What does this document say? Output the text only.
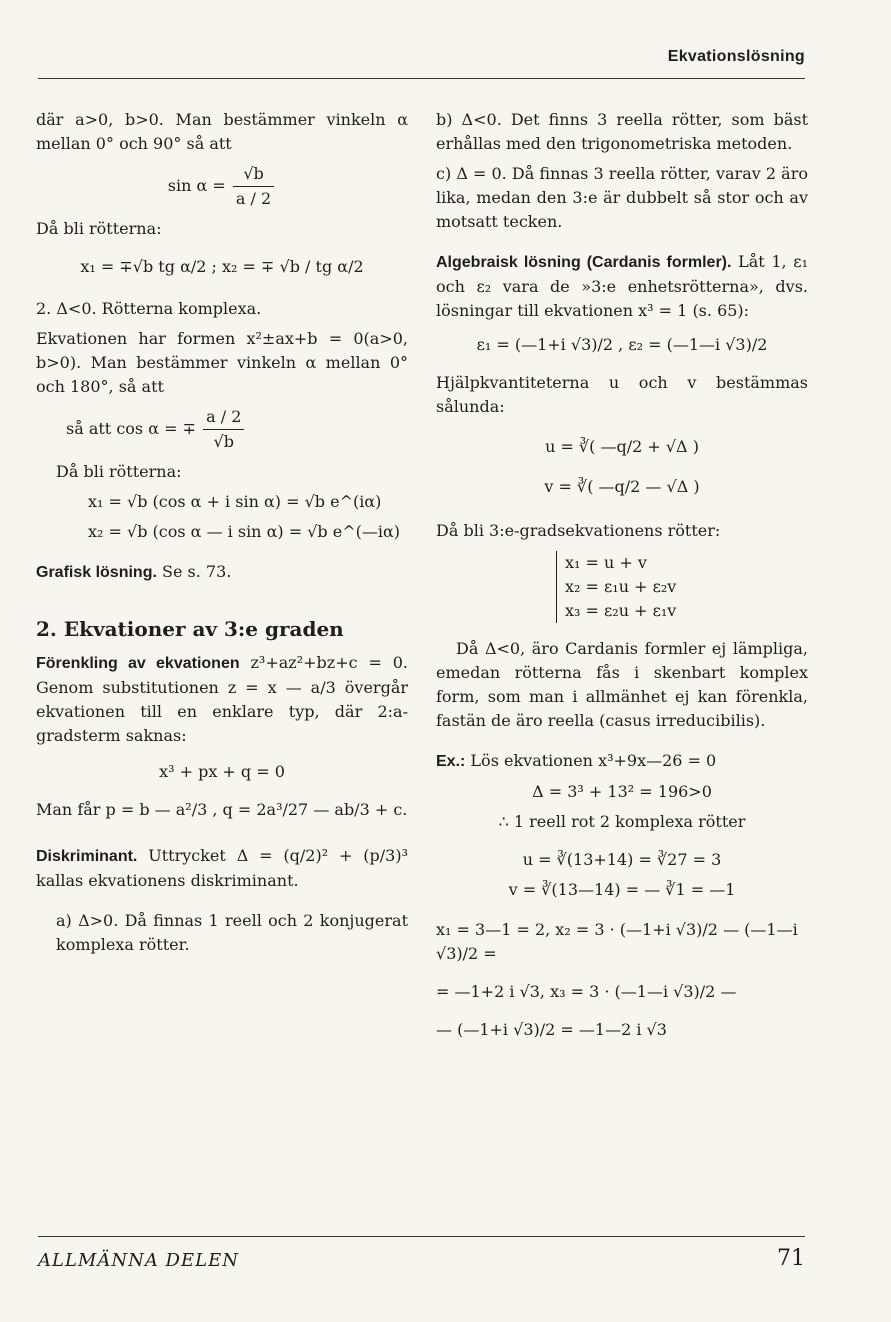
Ekvationslösning

där a>0, b>0. Man bestämmer vinkeln α mellan 0° och 90° så att

$\sin \alpha = \frac{√b}{a / 2}$

Då bli rötterna:

x₁ = ∓√b tg α/2 ; x₂ = ∓ √b / tg α/2

2. Δ<0. Rötterna komplexa.

Ekvationen har formen x²±ax+b = 0(a>0, b>0). Man bestämmer vinkeln α mellan 0° och 180°, så att

så att cos α = ∓ $\frac{a / 2}{√b}$

Då bli rötterna:

x₁ = √b (cos α + i sin α) = √b e^(iα)
x₂ = √b (cos α — i sin α) = √b e^(—iα)

Grafisk lösning. Se s. 73.

2. Ekvationer av 3:e graden

Förenkling av ekvationen z³+az²+bz+c = 0. Genom substitutionen z = x — a/3 övergår ekvationen till en enklare typ, där 2:a-gradsterm saknas:

x³ + px + q = 0
Man får p = b — a²/3 , q = 2a³/27 — ab/3 + c.

Diskriminant. Uttrycket Δ = (q/2)² + (p/3)³ kallas ekvationens diskriminant.

a) Δ>0. Då finnas 1 reell och 2 konjugerat komplexa rötter.

b) Δ<0. Det finns 3 reella rötter, som bäst erhållas med den trigonometriska metoden.

c) Δ = 0. Då finnas 3 reella rötter, varav 2 äro lika, medan den 3:e är dubbelt så stor och av motsatt tecken.

Algebraisk lösning (Cardanis formler). Låt 1, ε₁ och ε₂ vara de »3:e enhetsrötterna», dvs. lösningar till ekvationen x³ = 1 (s. 65):

ε₁ = (—1+i √3)/2 , ε₂ = (—1—i √3)/2

Hjälpkvantiteterna u och v bestämmas sålunda:

u = ∛( —q/2 + √Δ )
v = ∛( —q/2 — √Δ )

Då bli 3:e-gradsekvationens rötter:

x₁ = u + v
x₂ = ε₁u + ε₂v
x₃ = ε₂u + ε₁v

Då Δ<0, äro Cardanis formler ej lämpliga, emedan rötterna fås i skenbart komplex form, som man i allmänhet ej kan förenkla, fastän de äro reella (casus irreducibilis).

Ex.: Lös ekvationen x³+9x—26 = 0

Δ = 3³ + 13² = 196>0
∴ 1 reell rot 2 komplexa rötter
u = ∛(13+14) = ∛27 = 3
v = ∛(13—14) = — ∛1 = —1
x₁ = 3—1 = 2, x₂ = 3 · (—1+i √3)/2 — (—1—i √3)/2 =
= —1+2 i √3, x₃ = 3 · (—1—i √3)/2 —
— (—1+i √3)/2 = —1—2 i √3
ALLMÄNNA DELEN	71
